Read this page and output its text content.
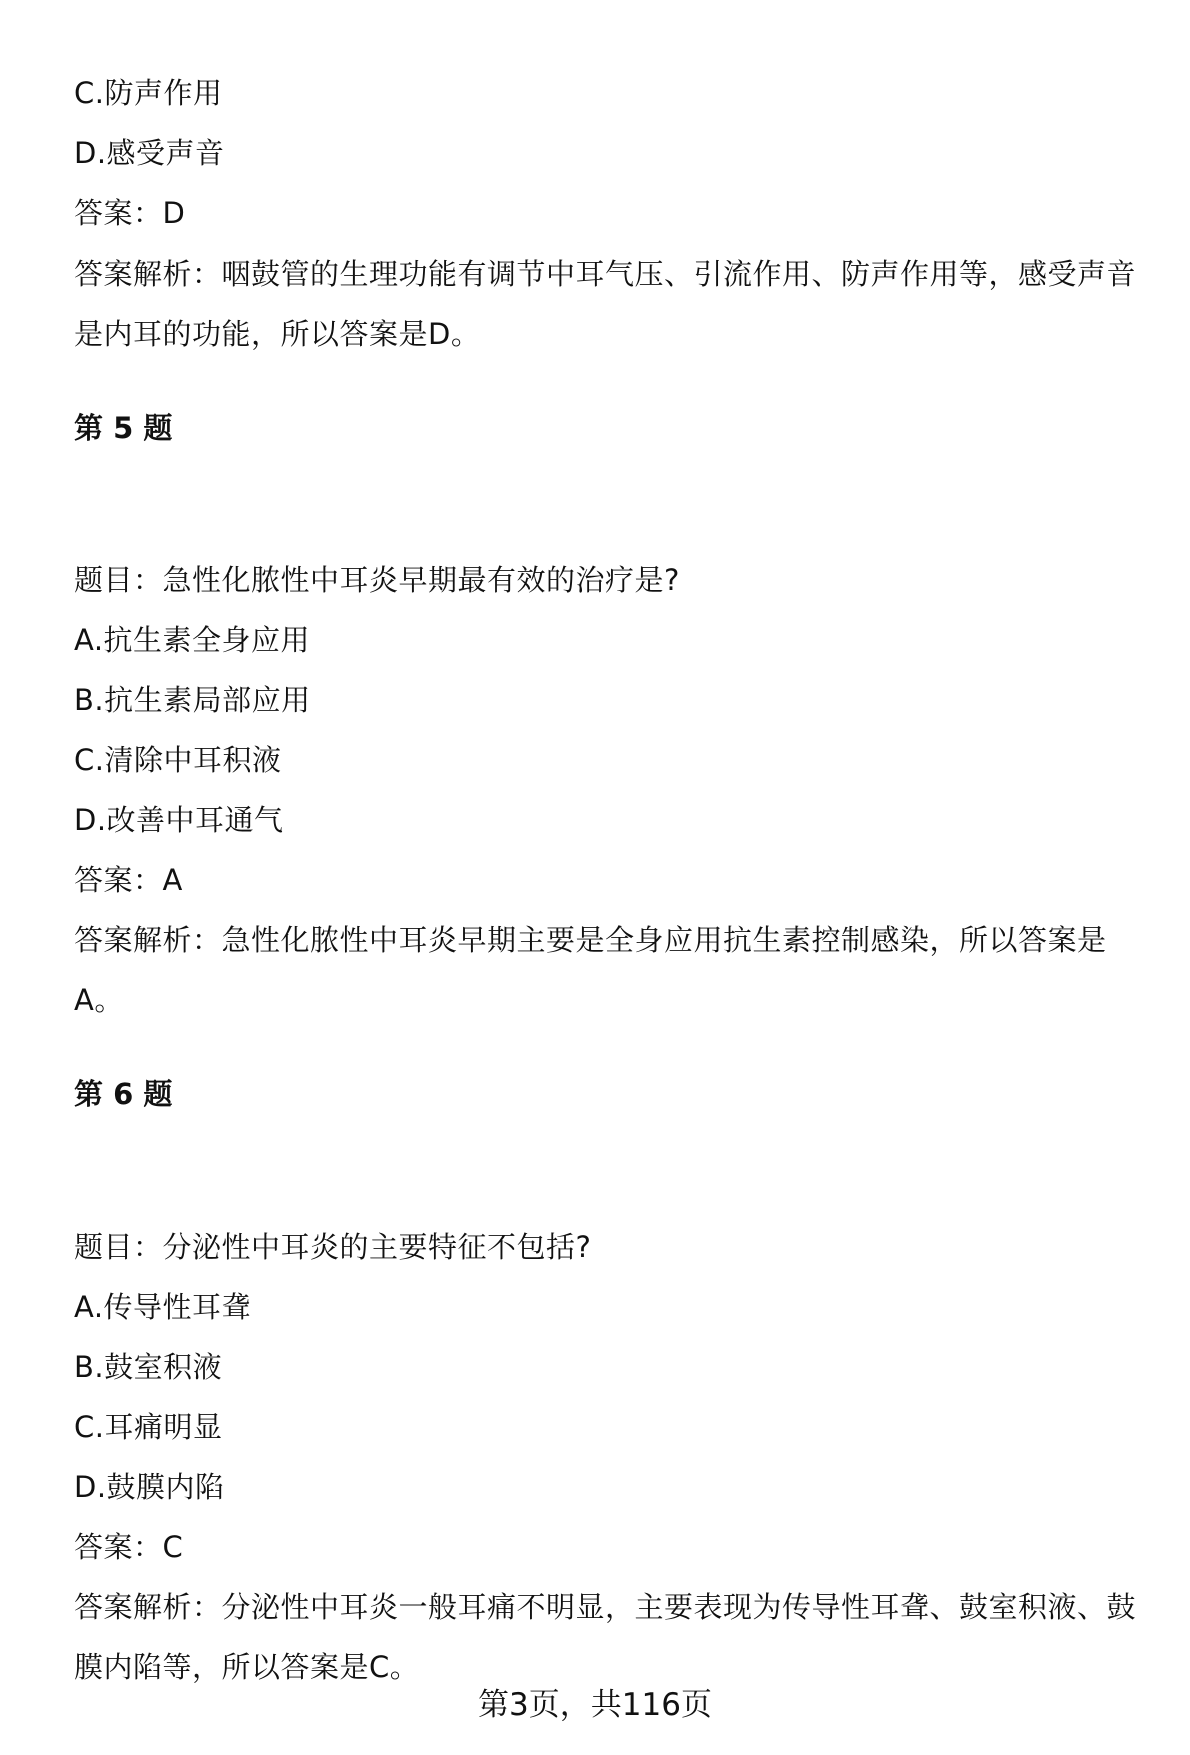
C.防声作用
D.感受声音
答案：D
答案解析：咽鼓管的生理功能有调节中耳气压、引流作用、防声作用等，感受声音
是内耳的功能，所以答案是D。
第 5 题
题目：急性化脓性中耳炎早期最有效的治疗是?
A.抗生素全身应用
B.抗生素局部应用
C.清除中耳积液
D.改善中耳通气
答案：A
答案解析：急性化脓性中耳炎早期主要是全身应用抗生素控制感染，所以答案是
A。
第 6 题
题目：分泌性中耳炎的主要特征不包括?
A.传导性耳聋
B.鼓室积液
C.耳痛明显
D.鼓膜内陷
答案：C
答案解析：分泌性中耳炎一般耳痛不明显，主要表现为传导性耳聋、鼓室积液、鼓
膜内陷等，所以答案是C。
第3页，共116页
